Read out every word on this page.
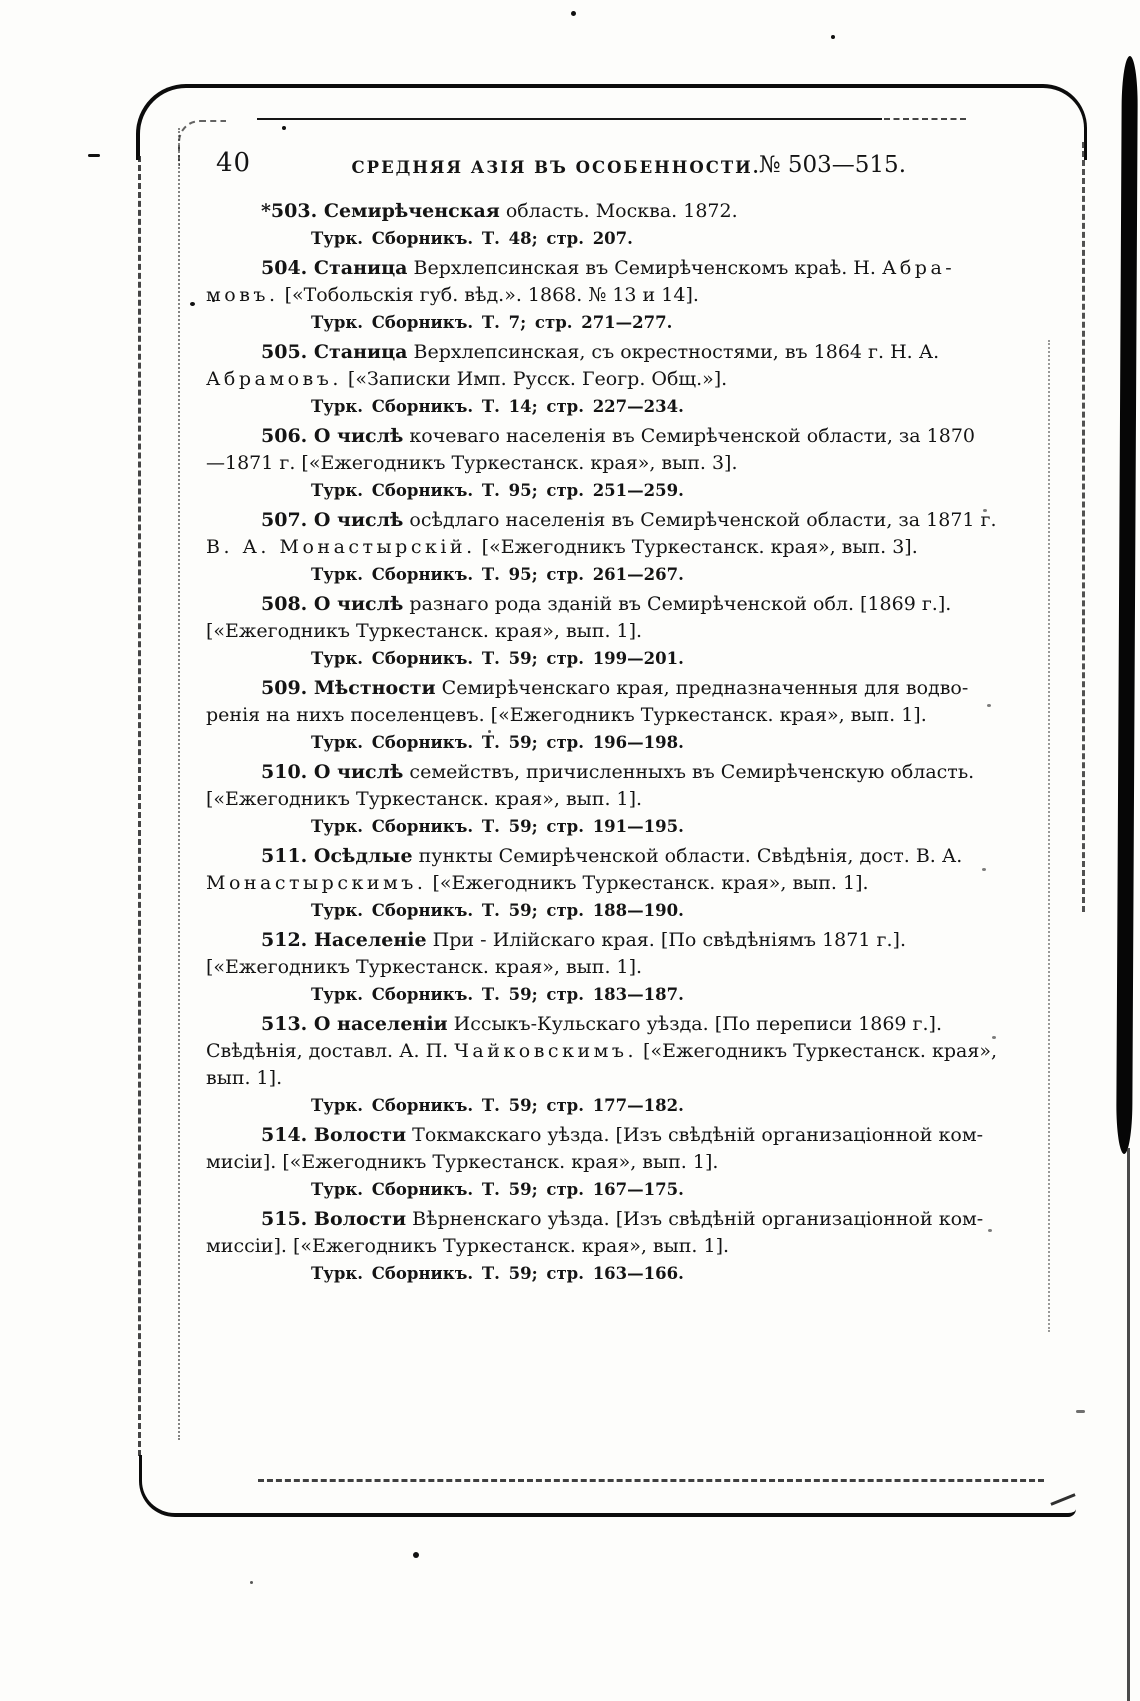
40	СРЕДНЯЯ АЗІЯ ВЪ ОСОБЕННОСТИ.
№ 503—515.
*503. Семирѣченская область. Москва. 1872.
Турк. Сборникъ. Т. 48; стр. 207.
504. Станица Верхлепсинская въ Семирѣченскомъ краѣ. Н. Абра-
мовъ. [«Тобольскія губ. вѣд.». 1868. № 13 и 14].
Турк. Сборникъ. Т. 7; стр. 271—277.
505. Станица Верхлепсинская, съ окрестностями, въ 1864 г. Н. А.
Абрамовъ. [«Записки Имп. Русск. Геогр. Общ.»].
Турк. Сборникъ. Т. 14; стр. 227—234.
506. О числѣ кочеваго населенія въ Семирѣченской области, за 1870
—1871 г. [«Ежегодникъ Туркестанск. края», вып. 3].
Турк. Сборникъ. Т. 95; стр. 251—259.
507. О числѣ осѣдлаго населенія въ Семирѣченской области, за 1871 г.
В. А. Монастырскій. [«Ежегодникъ Туркестанск. края», вып. 3].
Турк. Сборникъ. Т. 95; стр. 261—267.
508. О числѣ разнаго рода зданій въ Семирѣченской обл. [1869 г.].
[«Ежегодникъ Туркестанск. края», вып. 1].
Турк. Сборникъ. Т. 59; стр. 199—201.
509. Мѣстности Семирѣченскаго края, предназначенныя для водво-
ренія на нихъ поселенцевъ. [«Ежегодникъ Туркестанск. края», вып. 1].
Турк. Сборникъ. Т. 59; стр. 196—198.
510. О числѣ семействъ, причисленныхъ въ Семирѣченскую область.
[«Ежегодникъ Туркестанск. края», вып. 1].
Турк. Сборникъ. Т. 59; стр. 191—195.
511. Осѣдлые пункты Семирѣченской области. Свѣдѣнія, дост. В. А.
Монастырскимъ. [«Ежегодникъ Туркестанск. края», вып. 1].
Турк. Сборникъ. Т. 59; стр. 188—190.
512. Населеніе При - Илійскаго края. [По свѣдѣніямъ 1871 г.].
[«Ежегодникъ Туркестанск. края», вып. 1].
Турк. Сборникъ. Т. 59; стр. 183—187.
513. О населеніи Иссыкъ-Кульскаго уѣзда. [По переписи 1869 г.].
Свѣдѣнія, доставл. А. П. Чайковскимъ. [«Ежегодникъ Туркестанск. края»,
вып. 1].
Турк. Сборникъ. Т. 59; стр. 177—182.
514. Волости Токмакскаго уѣзда. [Изъ свѣдѣній организаціонной ком-
мисіи]. [«Ежегодникъ Туркестанск. края», вып. 1].
Турк. Сборникъ. Т. 59; стр. 167—175.
515. Волости Вѣрненскаго уѣзда. [Изъ свѣдѣній организаціонной ком-
миссіи]. [«Ежегодникъ Туркестанск. края», вып. 1].
Турк. Сборникъ. Т. 59; стр. 163—166.
